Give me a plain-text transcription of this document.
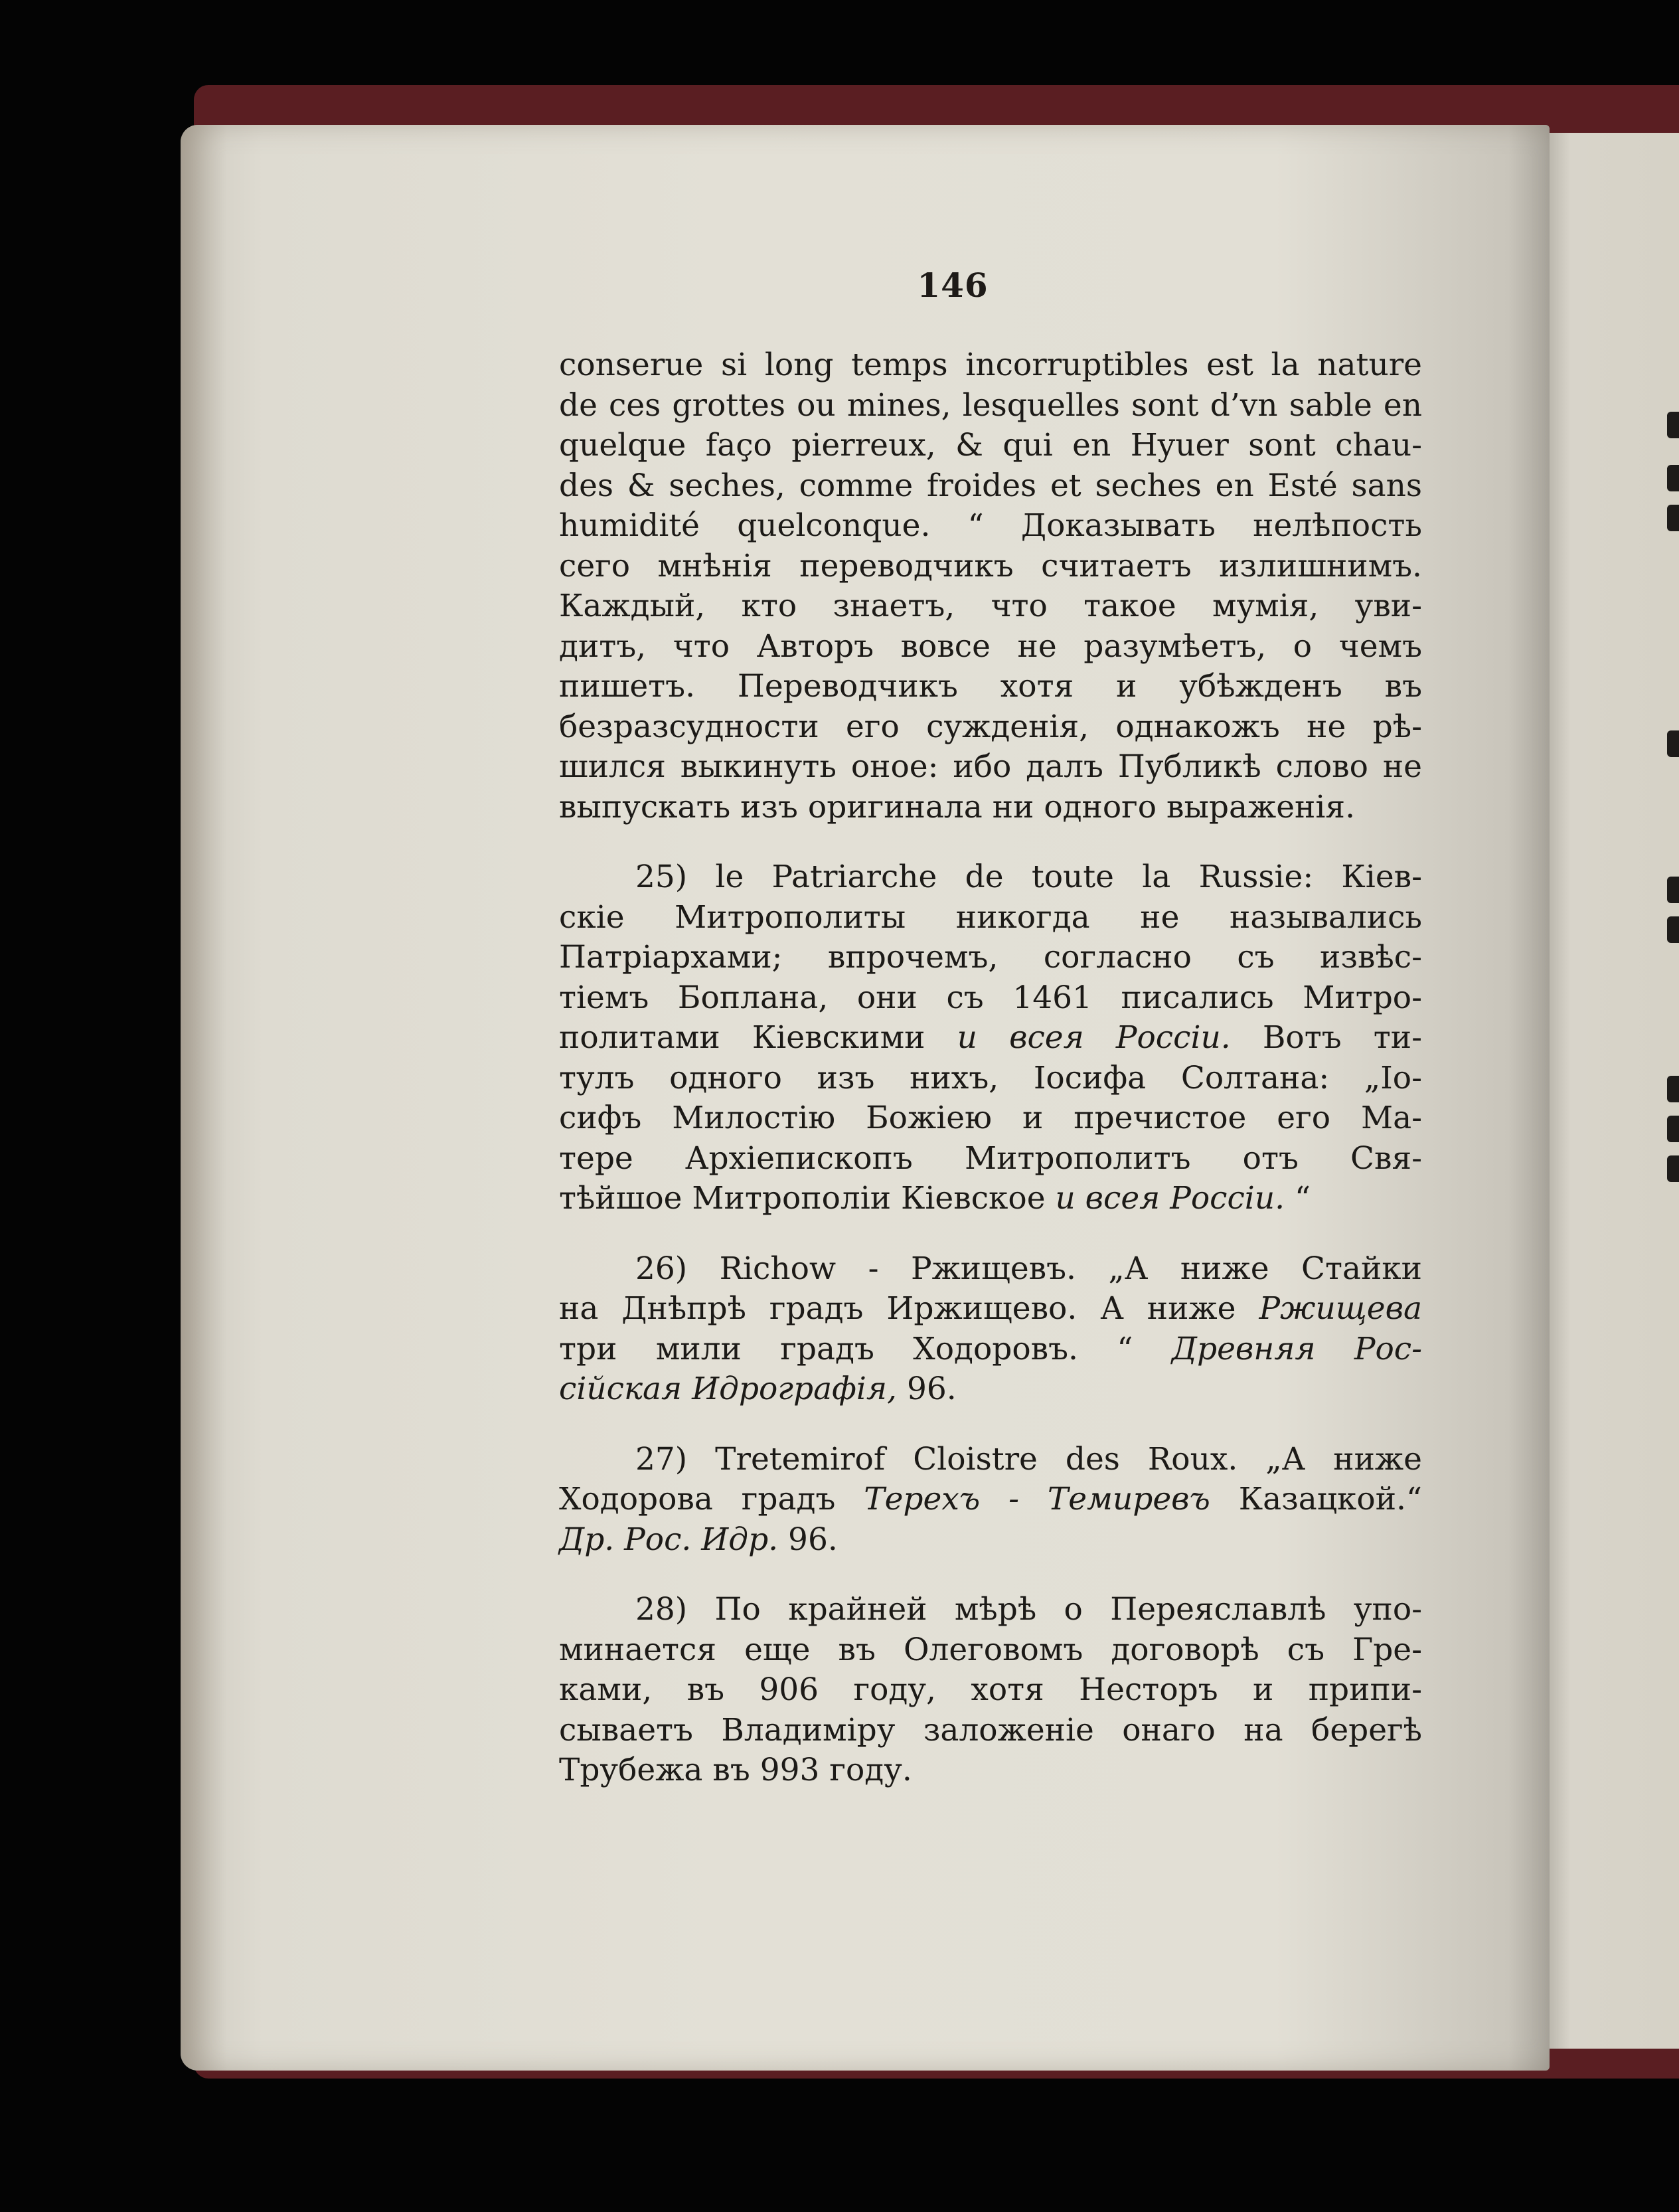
146
conserue si long temps incorruptibles est la nature
de ces grottes ou mines, lesquelles sont d’vn sable en
quelque faço pierreux, & qui en Hyuer sont chau-
des & seches, comme froides et seches en Esté sans
humidité quelconque. “ Доказывать нелѣпость
сего мнѣнія переводчикъ считаетъ излишнимъ.
Каждый, кто знаетъ, что такое мумія, уви-
дитъ, что Авторъ вовсе не разумѣетъ, о чемъ
пишетъ. Переводчикъ хотя и убѣжденъ въ
безразсудности его сужденія, однакожъ не рѣ-
шился выкинуть оное: ибо далъ Публикѣ слово не
выпускать изъ оригинала ни одного выраженія.
25) le Patriarche de toute la Russie: Кіев-
скіе Митрополиты никогда не назывались
Патріархами; впрочемъ, согласно съ извѣс-
тіемъ Боплана, они съ 1461 писались Митро-
политами Кіевскими и всея Россіи. Вотъ ти-
тулъ одного изъ нихъ, Іосифа Солтана: „Іо-
сифъ Милостію Божіею и пречистое его Ма-
тере Архіепископъ Митрополитъ отъ Свя-
тѣйшое Митрополіи Кіевское и всея Россіи. “
26) Richow - Ржищевъ. „А ниже Стайки
на Днѣпрѣ градъ Иржищево. А ниже Ржищева
три мили градъ Ходоровъ. “ Древняя Рос-
сійская Идрографія, 96.
27) Tretemirof Cloistre des Roux. „А ниже
Ходорова градъ Терехъ - Темиревъ Казацкой.“
Др. Рос. Идр. 96.
28) По крайней мѣрѣ о Переяславлѣ упо-
минается еще въ Олеговомъ договорѣ съ Гре-
ками, въ 906 году, хотя Несторъ и припи-
сываетъ Владиміру заложеніе онаго на берегѣ
Трубежа въ 993 году.
